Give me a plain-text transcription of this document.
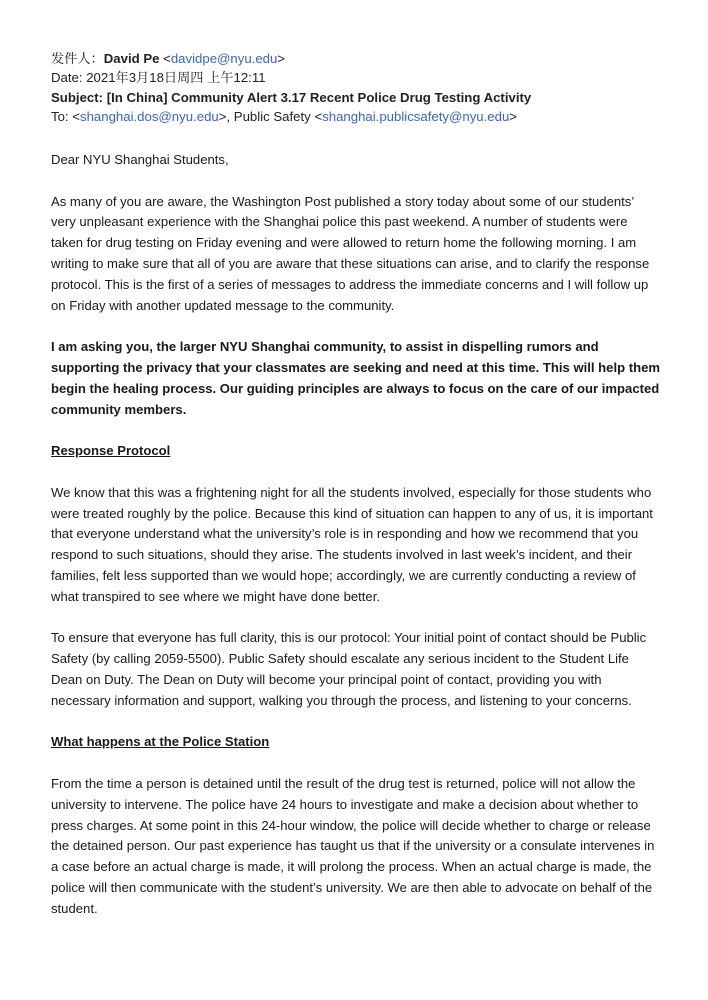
发件人：David Pe <davidpe@nyu.edu>
Date: 2021年3月18日周四 上午12:11
Subject: [In China] Community Alert 3.17 Recent Police Drug Testing Activity
To: <shanghai.dos@nyu.edu>, Public Safety <shanghai.publicsafety@nyu.edu>

Dear NYU Shanghai Students,

As many of you are aware, the Washington Post published a story today about some of our students’ very unpleasant experience with the Shanghai police this past weekend. A number of students were taken for drug testing on Friday evening and were allowed to return home the following morning. I am writing to make sure that all of you are aware that these situations can arise, and to clarify the response protocol. This is the first of a series of messages to address the immediate concerns and I will follow up on Friday with another updated message to the community.

I am asking you, the larger NYU Shanghai community, to assist in dispelling rumors and supporting the privacy that your classmates are seeking and need at this time. This will help them begin the healing process. Our guiding principles are always to focus on the care of our impacted community members.

Response Protocol

We know that this was a frightening night for all the students involved, especially for those students who were treated roughly by the police. Because this kind of situation can happen to any of us, it is important that everyone understand what the university’s role is in responding and how we recommend that you respond to such situations, should they arise. The students involved in last week’s incident, and their families, felt less supported than we would hope; accordingly, we are currently conducting a review of what transpired to see where we might have done better.

To ensure that everyone has full clarity, this is our protocol: Your initial point of contact should be Public Safety (by calling 2059-5500). Public Safety should escalate any serious incident to the Student Life Dean on Duty. The Dean on Duty will become your principal point of contact, providing you with necessary information and support, walking you through the process, and listening to your concerns.

What happens at the Police Station

From the time a person is detained until the result of the drug test is returned, police will not allow the university to intervene. The police have 24 hours to investigate and make a decision about whether to press charges. At some point in this 24-hour window, the police will decide whether to charge or release the detained person. Our past experience has taught us that if the university or a consulate intervenes in a case before an actual charge is made, it will prolong the process. When an actual charge is made, the police will then communicate with the student’s university. We are then able to advocate on behalf of the student.
